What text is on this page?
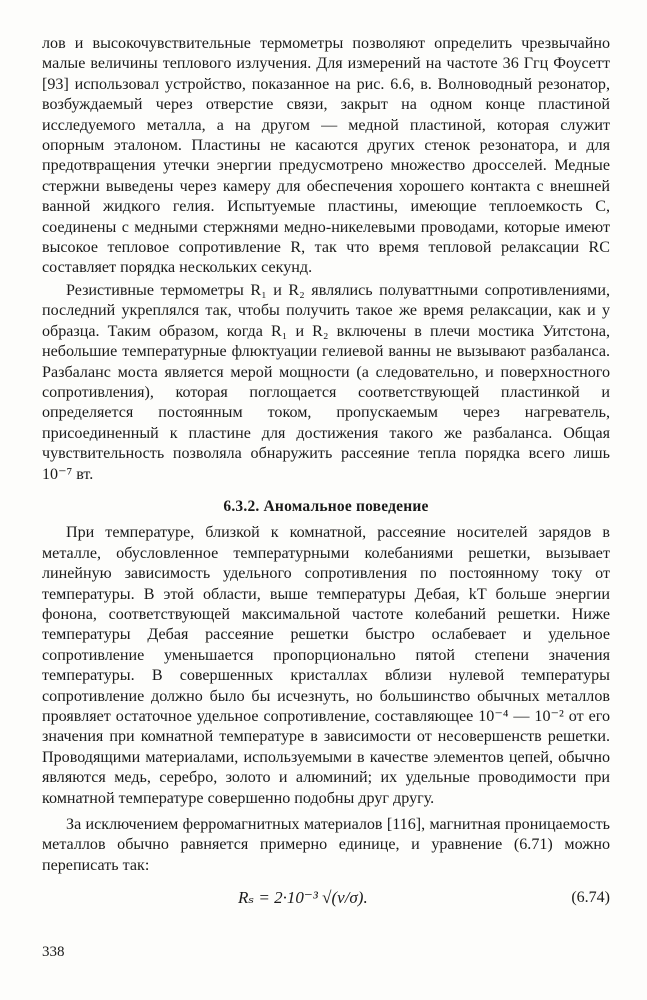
лов и высокочувствительные термометры позволяют определить чрезвычайно малые величины теплового излучения. Для измерений на частоте 36 Ггц Фоусетт [93] использовал устройство, показанное на рис. 6.6, в. Волноводный резонатор, возбуждаемый через отверстие связи, закрыт на одном конце пластиной исследуемого металла, а на другом — медной пластиной, которая служит опорным эталоном. Пластины не касаются других стенок резонатора, и для предотвращения утечки энергии предусмотрено множество дросселей. Медные стержни выведены через камеру для обеспечения хорошего контакта с внешней ванной жидкого гелия. Испытуемые пластины, имеющие теплоемкость C, соединены с медными стержнями медно-никелевыми проводами, которые имеют высокое тепловое сопротивление R, так что время тепловой релаксации RC составляет порядка нескольких секунд.

Резистивные термометры R₁ и R₂ являлись полуваттными сопротивлениями, последний укреплялся так, чтобы получить такое же время релаксации, как и у образца. Таким образом, когда R₁ и R₂ включены в плечи мостика Уитстона, небольшие температурные флюктуации гелиевой ванны не вызывают разбаланса. Разбаланс моста является мерой мощности (а следовательно, и поверхностного сопротивления), которая поглощается соответствующей пластинкой и определяется постоянным током, пропускаемым через нагреватель, присоединенный к пластине для достижения такого же разбаланса. Общая чувствительность позволяла обнаружить рассеяние тепла порядка всего лишь 10⁻⁷ вт.

6.3.2. Аномальное поведение

При температуре, близкой к комнатной, рассеяние носителей зарядов в металле, обусловленное температурными колебаниями решетки, вызывает линейную зависимость удельного сопротивления по постоянному току от температуры. В этой области, выше температуры Дебая, kT больше энергии фонона, соответствующей максимальной частоте колебаний решетки. Ниже температуры Дебая рассеяние решетки быстро ослабевает и удельное сопротивление уменьшается пропорционально пятой степени значения температуры. В совершенных кристаллах вблизи нулевой температуры сопротивление должно было бы исчезнуть, но большинство обычных металлов проявляет остаточное удельное сопротивление, составляющее 10⁻⁴ — 10⁻² от его значения при комнатной температуре в зависимости от несовершенств решетки. Проводящими материалами, используемыми в качестве элементов цепей, обычно являются медь, серебро, золото и алюминий; их удельные проводимости при комнатной температуре совершенно подобны друг другу.

За исключением ферромагнитных материалов [116], магнитная проницаемость металлов обычно равняется примерно единице, и уравнение (6.71) можно переписать так:

Rₛ = 2·10⁻³ √(ν/σ).	(6.74)
338
